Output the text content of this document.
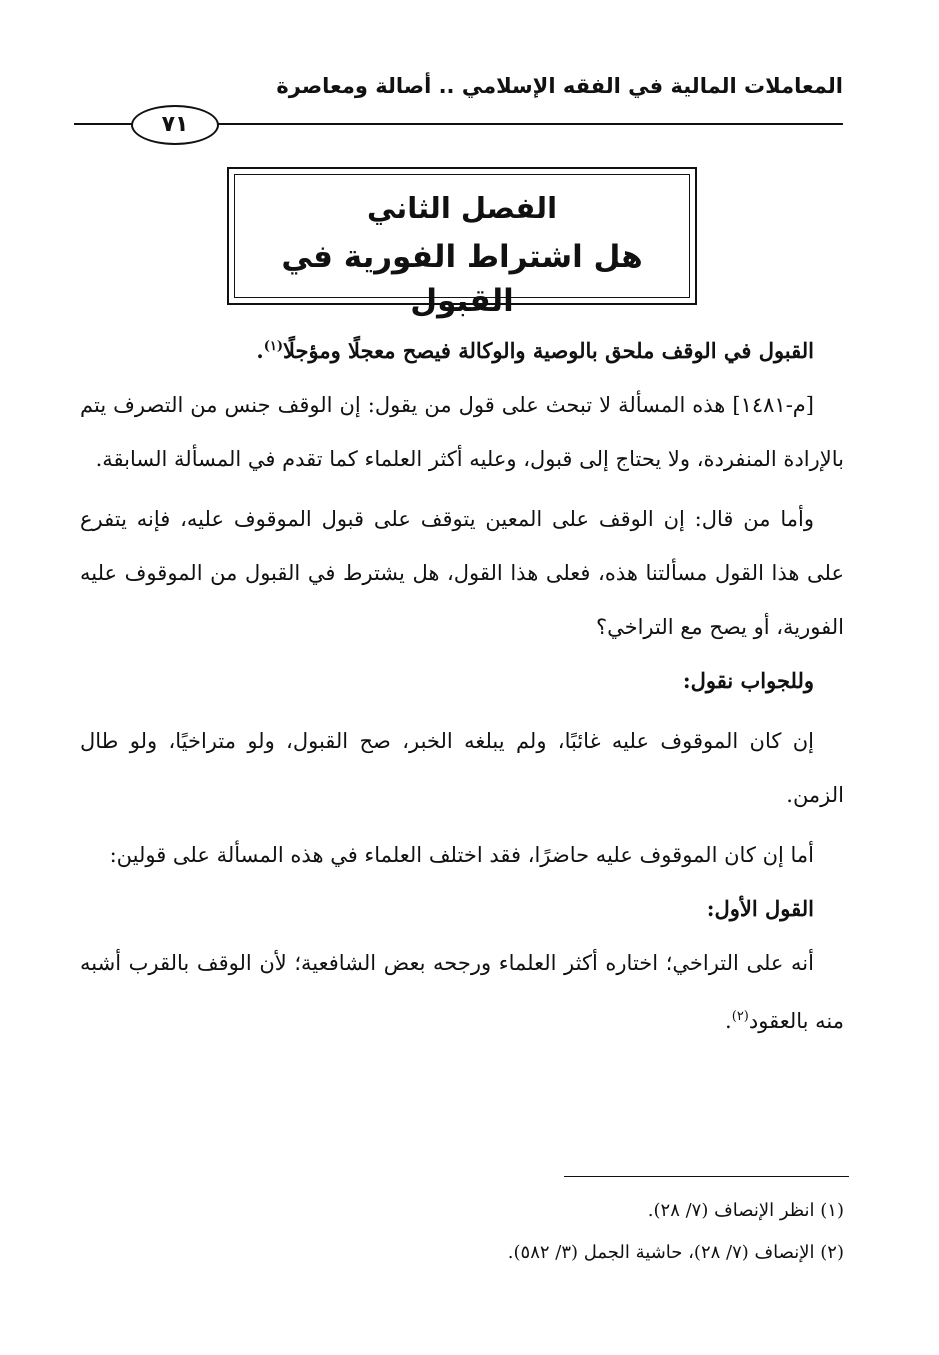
المعاملات المالية في الفقه الإسلامي .. أصالة ومعاصرة
٧١
الفصل الثاني
هل اشتراط الفورية في القبول

القبول في الوقف ملحق بالوصية والوكالة فيصح معجلًا ومؤجلًا$^{(١)}$.

[م-١٤٨١] هذه المسألة لا تبحث على قول من يقول: إن الوقف جنس من التصرف يتم بالإرادة المنفردة، ولا يحتاج إلى قبول، وعليه أكثر العلماء كما تقدم في المسألة السابقة.

وأما من قال: إن الوقف على المعين يتوقف على قبول الموقوف عليه، فإنه يتفرع على هذا القول مسألتنا هذه، فعلى هذا القول، هل يشترط في القبول من الموقوف عليه الفورية، أو يصح مع التراخي؟

وللجواب نقول:

إن كان الموقوف عليه غائبًا، ولم يبلغه الخبر، صح القبول، ولو متراخيًا، ولو طال الزمن.

أما إن كان الموقوف عليه حاضرًا، فقد اختلف العلماء في هذه المسألة على قولين:

القول الأول:

أنه على التراخي؛ اختاره أكثر العلماء ورجحه بعض الشافعية؛ لأن الوقف بالقرب أشبه منه بالعقود$^{(٢)}$.

(١) انظر الإنصاف (٧/ ٢٨).

(٢) الإنصاف (٧/ ٢٨)، حاشية الجمل (٣/ ٥٨٢).
